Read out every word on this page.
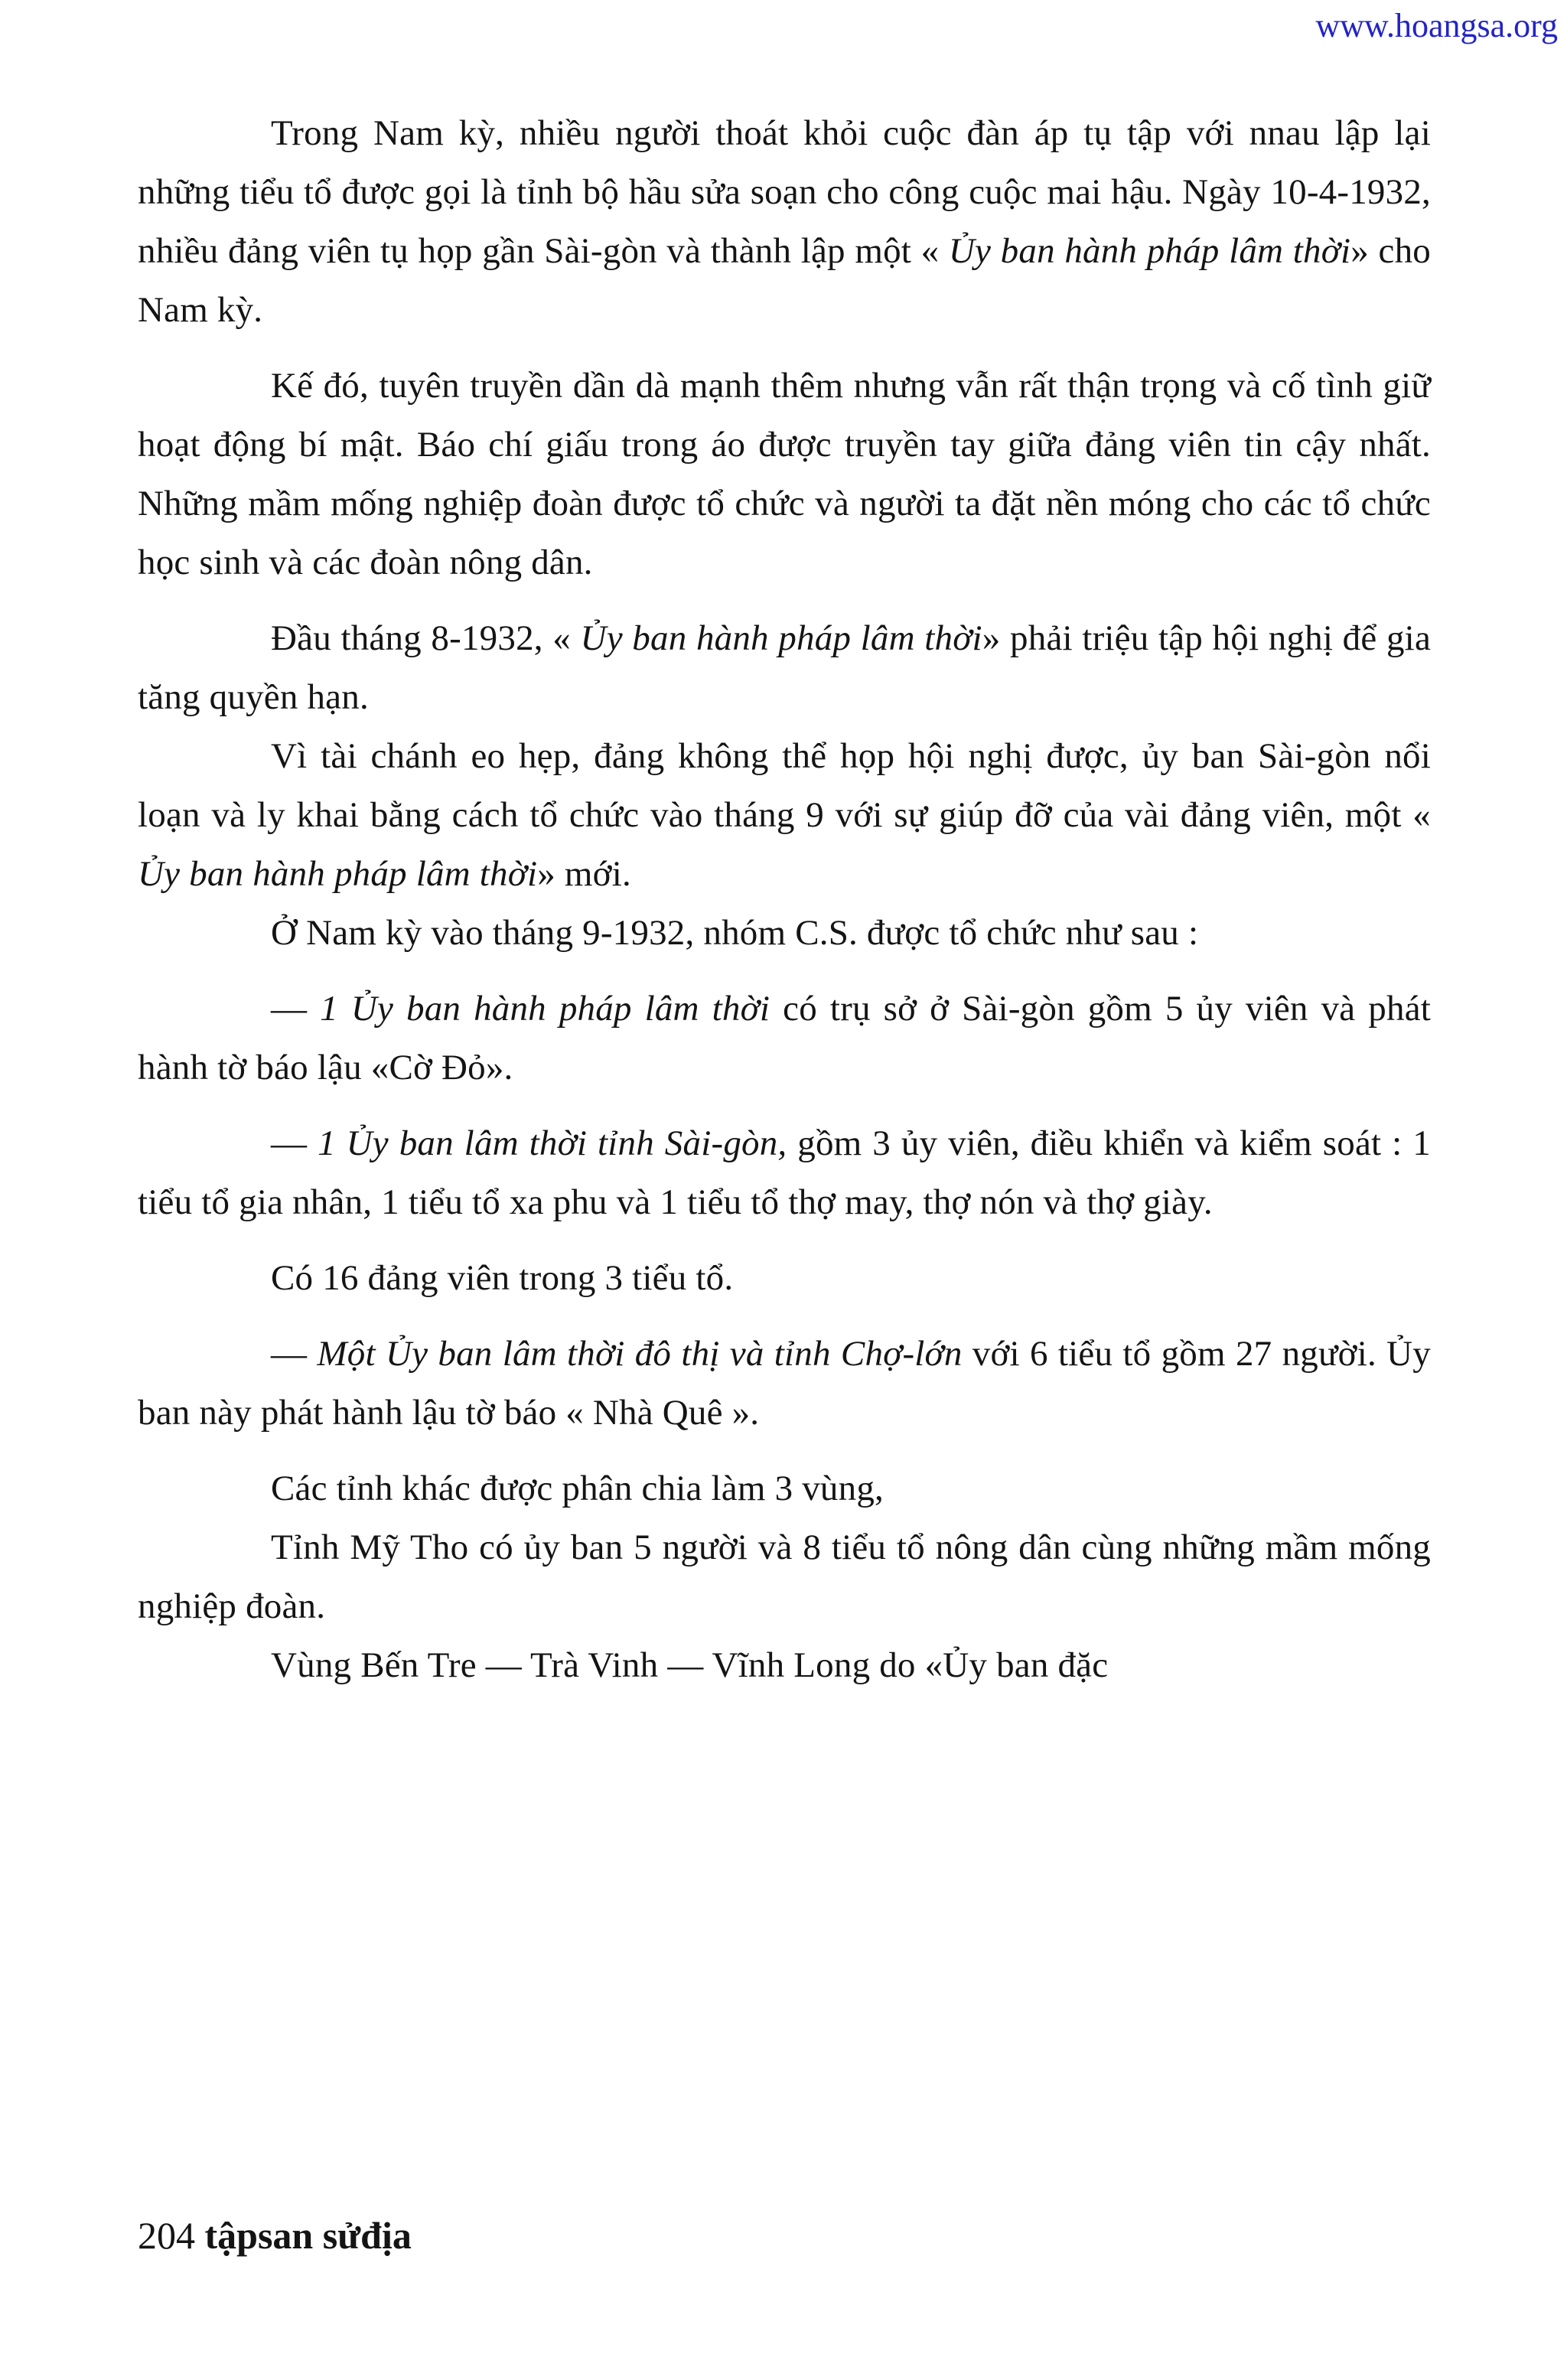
www.hoangsa.org

Trong Nam kỳ, nhiều người thoát khỏi cuộc đàn áp tụ tập với nnau lập lại những tiểu tổ được gọi là tỉnh bộ hầu sửa soạn cho công cuộc mai hậu. Ngày 10-4-1932, nhiều đảng viên tụ họp gần Sài-gòn và thành lập một « Ủy ban hành pháp lâm thời» cho Nam kỳ.

Kế đó, tuyên truyền dần dà mạnh thêm nhưng vẫn rất thận trọng và cố tình giữ hoạt động bí mật. Báo chí giấu trong áo được truyền tay giữa đảng viên tin cậy nhất. Những mầm mống nghiệp đoàn được tổ chức và người ta đặt nền móng cho các tổ chức học sinh và các đoàn nông dân.

Đầu tháng 8-1932, « Ủy ban hành pháp lâm thời» phải triệu tập hội nghị để gia tăng quyền hạn.

Vì tài chánh eo hẹp, đảng không thể họp hội nghị được, ủy ban Sài-gòn nổi loạn và ly khai bằng cách tổ chức vào tháng 9 với sự giúp đỡ của vài đảng viên, một « Ủy ban hành pháp lâm thời» mới.

Ở Nam kỳ vào tháng 9-1932, nhóm C.S. được tổ chức như sau :

— 1 Ủy ban hành pháp lâm thời có trụ sở ở Sài-gòn gồm 5 ủy viên và phát hành tờ báo lậu «Cờ Đỏ».

— 1 Ủy ban lâm thời tỉnh Sài-gòn, gồm 3 ủy viên, điều khiển và kiểm soát : 1 tiểu tổ gia nhân, 1 tiểu tổ xa phu và 1 tiểu tổ thợ may, thợ nón và thợ giày.

Có 16 đảng viên trong 3 tiểu tổ.

— Một Ủy ban lâm thời đô thị và tỉnh Chợ-lớn với 6 tiểu tổ gồm 27 người. Ủy ban này phát hành lậu tờ báo « Nhà Quê ».

Các tỉnh khác được phân chia làm 3 vùng,

Tỉnh Mỹ Tho có ủy ban 5 người và 8 tiểu tổ nông dân cùng những mầm mống nghiệp đoàn.

Vùng Bến Tre — Trà Vinh — Vĩnh Long do «Ủy ban đặc

204 tậpsan sửđịa
